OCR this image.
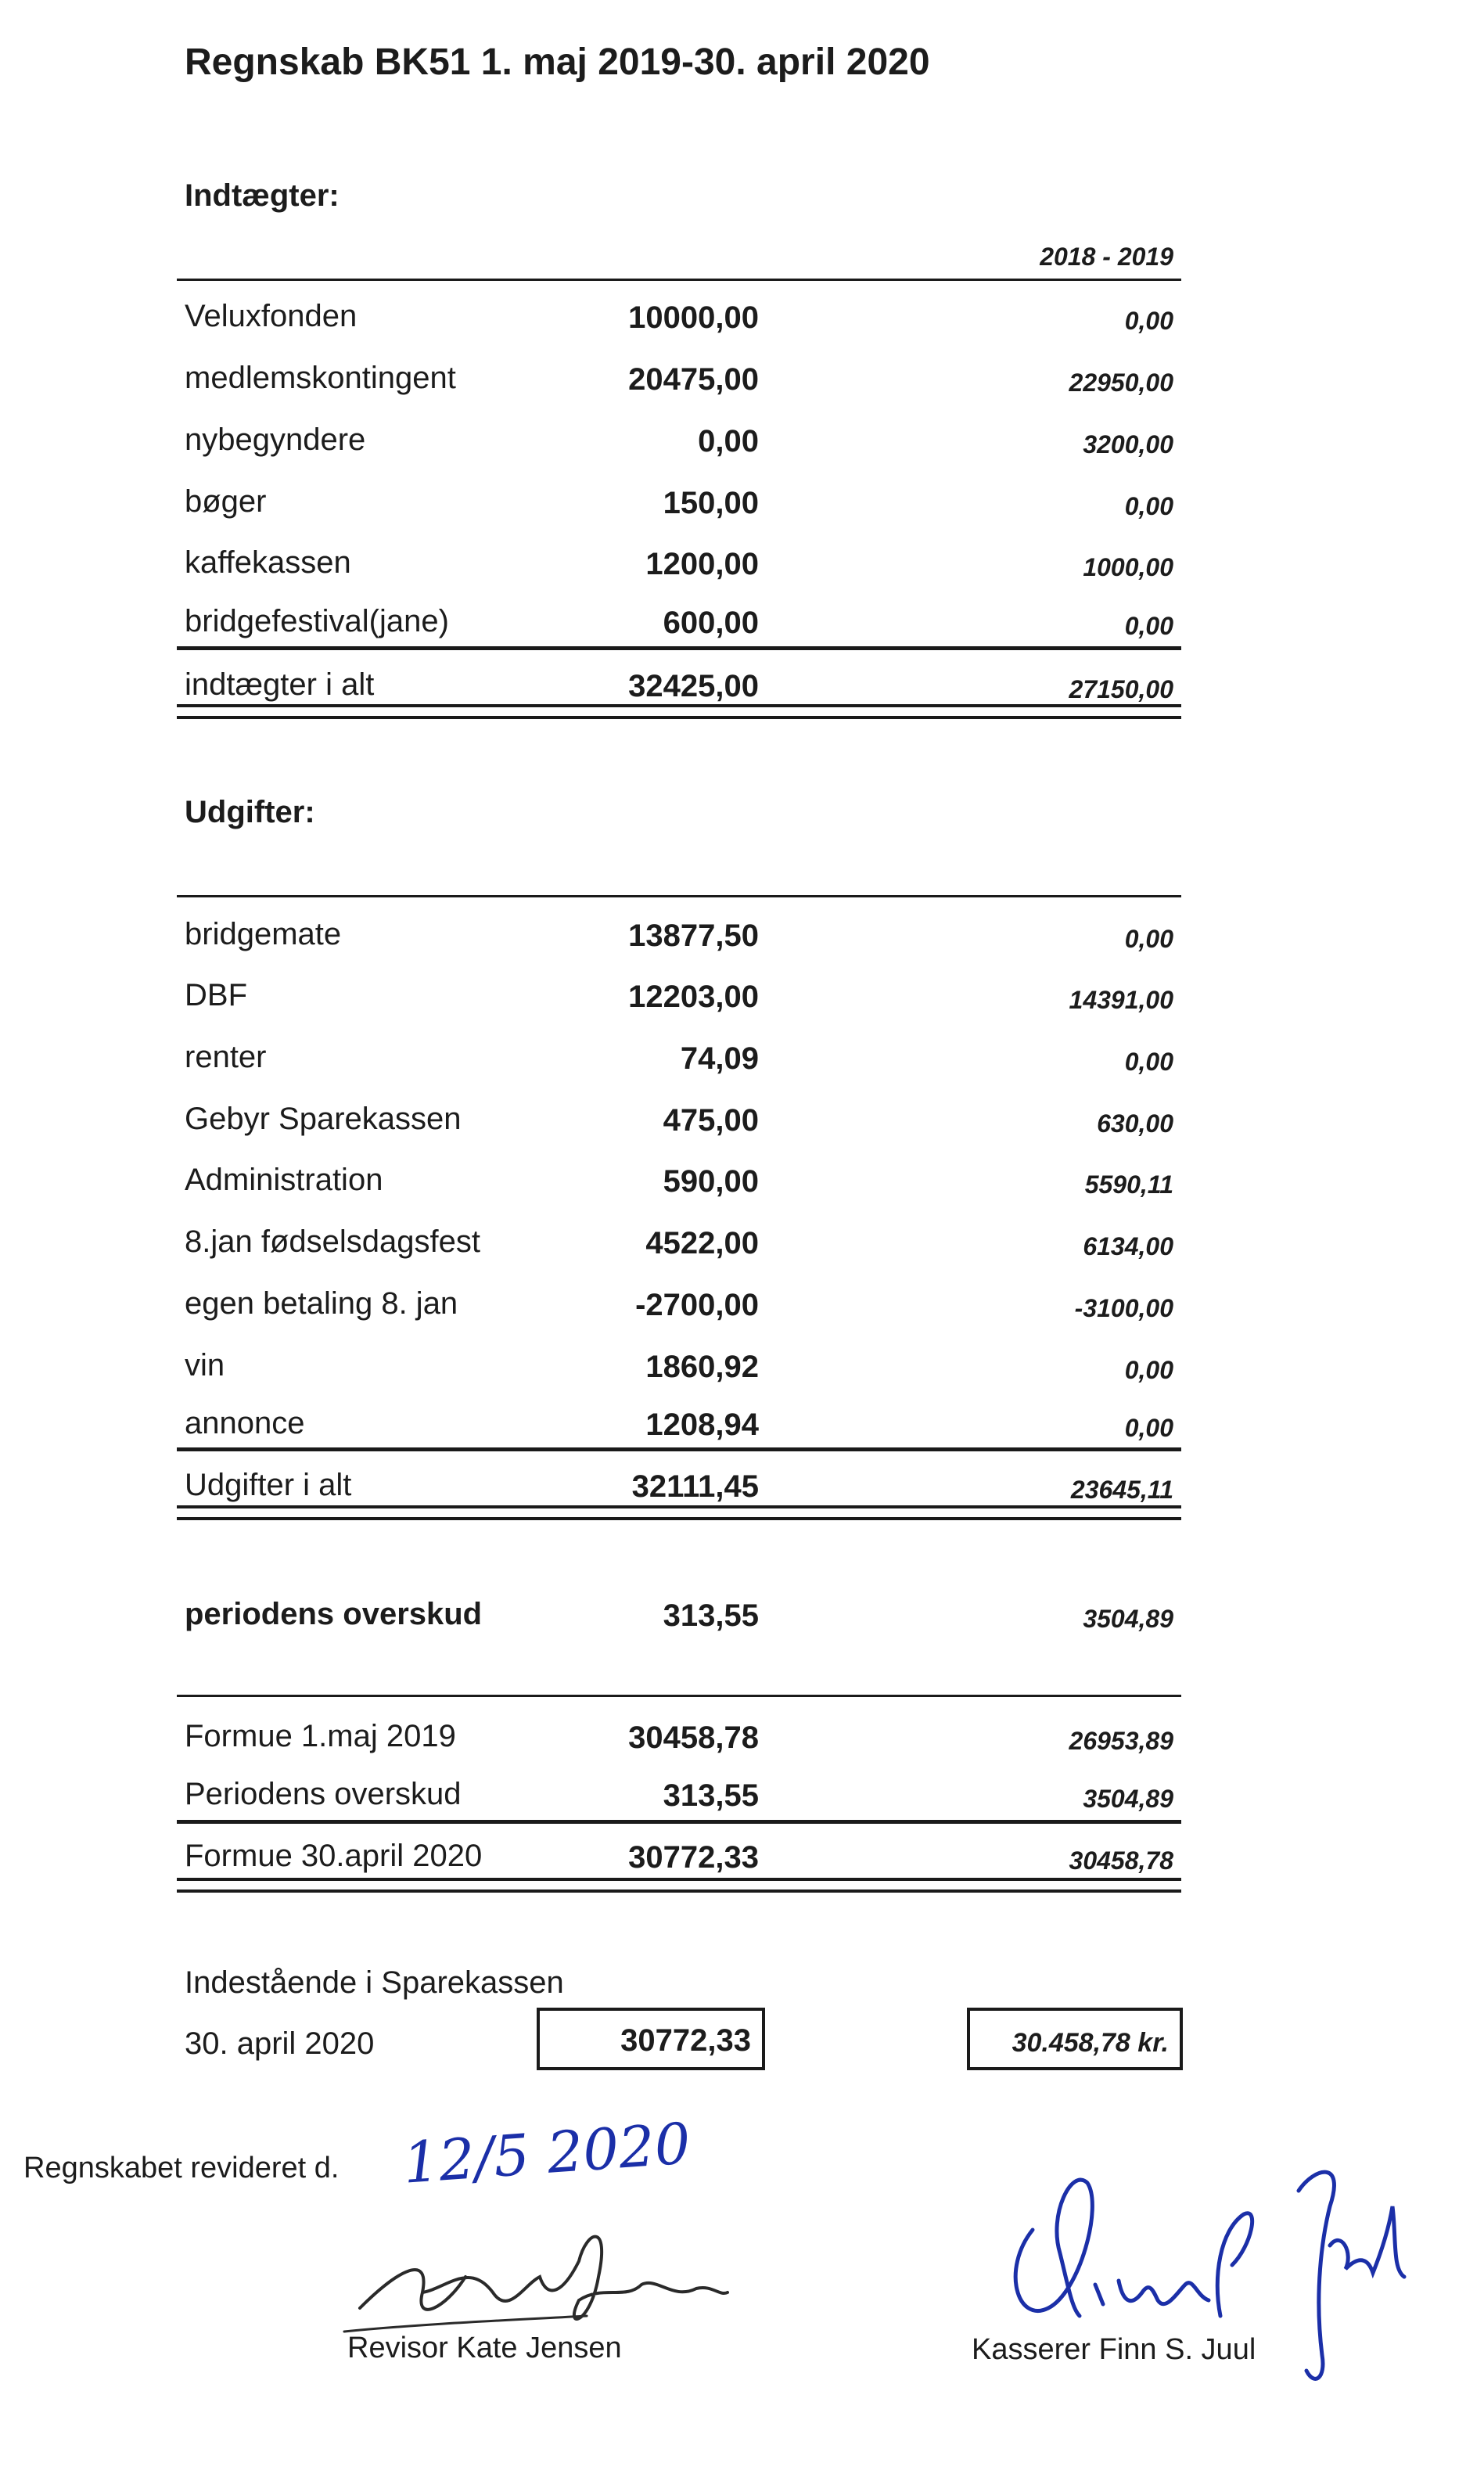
Regnskab BK51 1. maj 2019-30. april 2020
Indtægter:
2018 - 2019
Veluxfonden	10000,00	0,00
medlemskontingent	20475,00	22950,00
nybegyndere	0,00	3200,00
bøger	150,00	0,00
kaffekassen	1200,00	1000,00
bridgefestival(jane)	600,00	0,00
indtægter i alt	32425,00	27150,00
Udgifter:
bridgemate	13877,50	0,00
DBF	12203,00	14391,00
renter	74,09	0,00
Gebyr Sparekassen	475,00	630,00
Administration	590,00	5590,11
8.jan fødselsdagsfest	4522,00	6134,00
egen betaling 8. jan	-2700,00	-3100,00
vin	1860,92	0,00
annonce	1208,94	0,00
Udgifter i alt	32111,45	23645,11
periodens overskud	313,55	3504,89
Formue 1.maj 2019	30458,78	26953,89
Periodens overskud	313,55	3504,89
Formue 30.april 2020	30772,33	30458,78
Indestående i Sparekassen
30. april 2020	30772,33	30.458,78 kr.
Regnskabet revideret d. 12/5 2020
Revisor Kate Jensen	Kasserer Finn S. Juul
